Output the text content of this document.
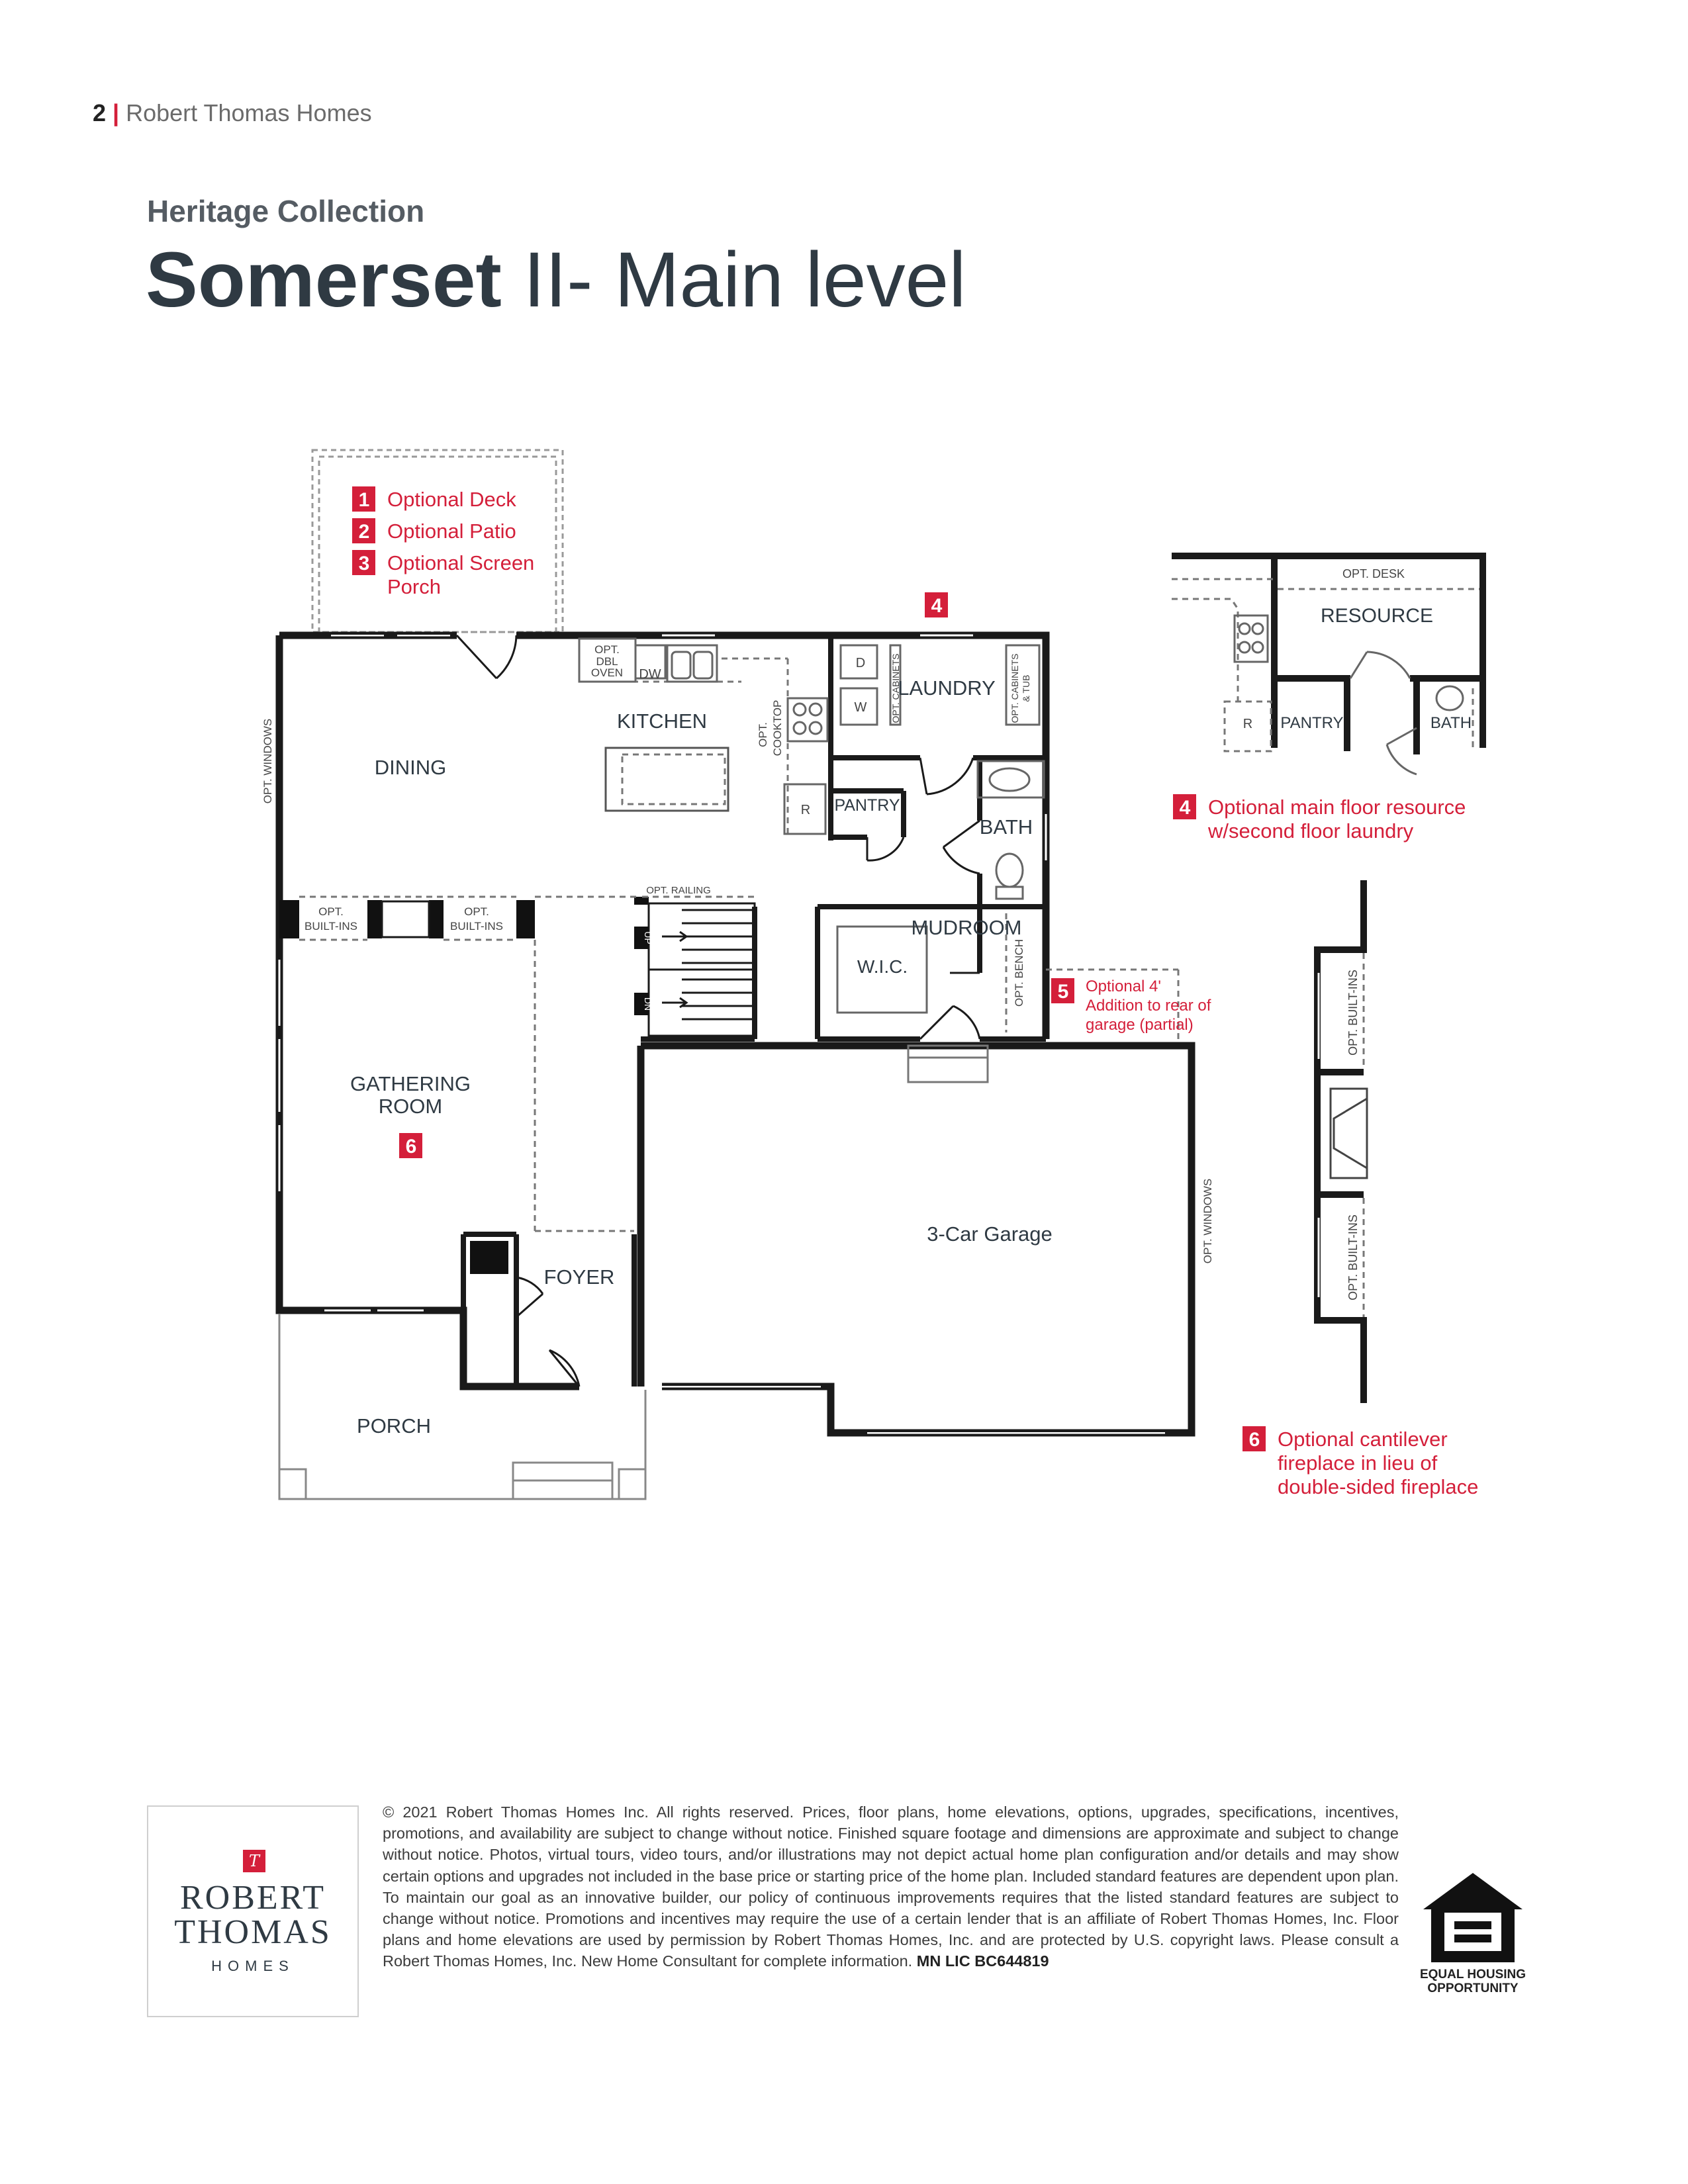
2 | Robert Thomas Homes
Heritage Collection
Somerset II- Main level
DINING
KITCHEN
LAUNDRY
PANTRY
BATH
MUDROOM
W.I.C.
GATHERING
ROOM
3-Car Garage
FOYER
PORCH
OPT. WINDOWS
OPT.
DBL
OVEN DW
OPT. COOKTOP
D
W
R
OPT. CABINETS	OPT. CABINETS & TUB
OPT. RAILING
UP
DN	OPT. BENCH
OPT.
BUILT-INS
OPT.
BUILT-INS
OPT. WINDOWS
1
2
3
Optional Deck
Optional Patio
Optional Screen
Porch
4
5 Optional 4'
Addition to rear of
garage (partial)
6
OPT. DESK
RESOURCE
R PANTRY	BATH
4 Optional main floor resource
w/second floor laundry
OPT. BUILT-INS
OPT. BUILT-INS
6 Optional cantilever
fireplace in lieu of
double-sided fireplace
T
ROBERT
THOMAS
HOMES
© 2021 Robert Thomas Homes Inc. All rights reserved. Prices, floor plans, home elevations, options, upgrades, specifications, incentives, promotions, and availability are subject to change without notice. Finished square footage and dimensions are approximate and subject to change without notice. Photos, virtual tours, video tours, and/or illustrations may not depict actual home plan configuration and/or details and may show certain options and upgrades not included in the base price or starting price of the home plan. Included standard features are dependent upon plan. To maintain our goal as an innovative builder, our policy of continuous improvements requires that the listed standard features are subject to change without notice. Promotions and incentives may require the use of a certain lender that is an affiliate of Robert Thomas Homes, Inc. Floor plans and home elevations are used by permission by Robert Thomas Homes, Inc. and are protected by U.S. copyright laws. Please consult a Robert Thomas Homes, Inc. New Home Consultant for complete information. MN LIC BC644819
EQUAL HOUSING
OPPORTUNITY
